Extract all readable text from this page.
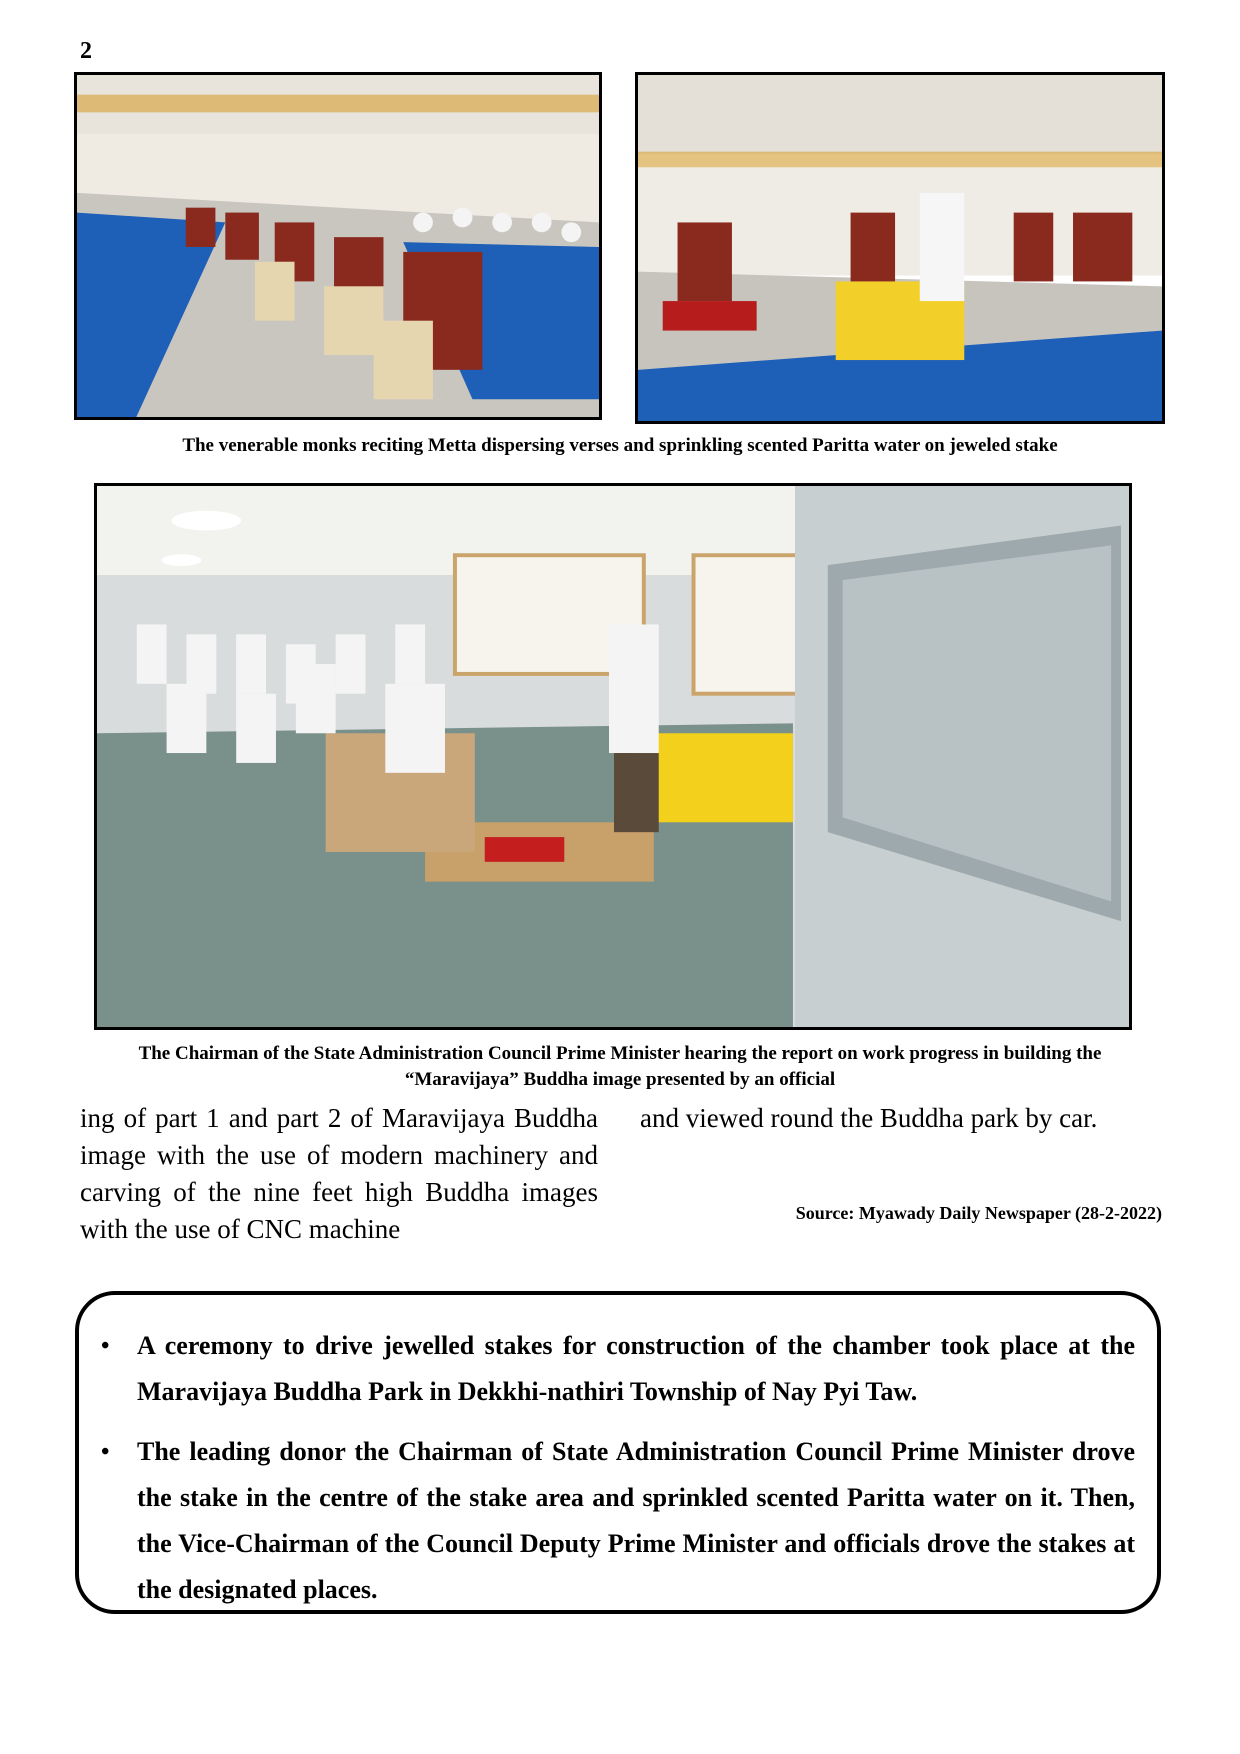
2
The venerable monks reciting Metta dispersing verses and sprinkling scented Paritta water on jeweled stake
The Chairman of the State Administration Council Prime Minister hearing the report on work progress in building the
“Maravijaya” Buddha image presented by an official
ing of part 1 and part 2 of Maravijaya Buddha image with the use of modern machinery and carving of the nine feet high Buddha images with the use of CNC machine
and viewed round the Buddha park by car.
Source: Myawady Daily Newspaper (28-2-2022)
• A ceremony to drive jewelled stakes for construction of the chamber took place at the Maravijaya Buddha Park in Dekkhi-nathiri Township of Nay Pyi Taw.
• The leading donor the Chairman of State Administration Council Prime Minister drove the stake in the centre of the stake area and sprinkled scented Paritta water on it. Then, the Vice-Chairman of the Council Deputy Prime Minister and officials drove the stakes at the designated places.
